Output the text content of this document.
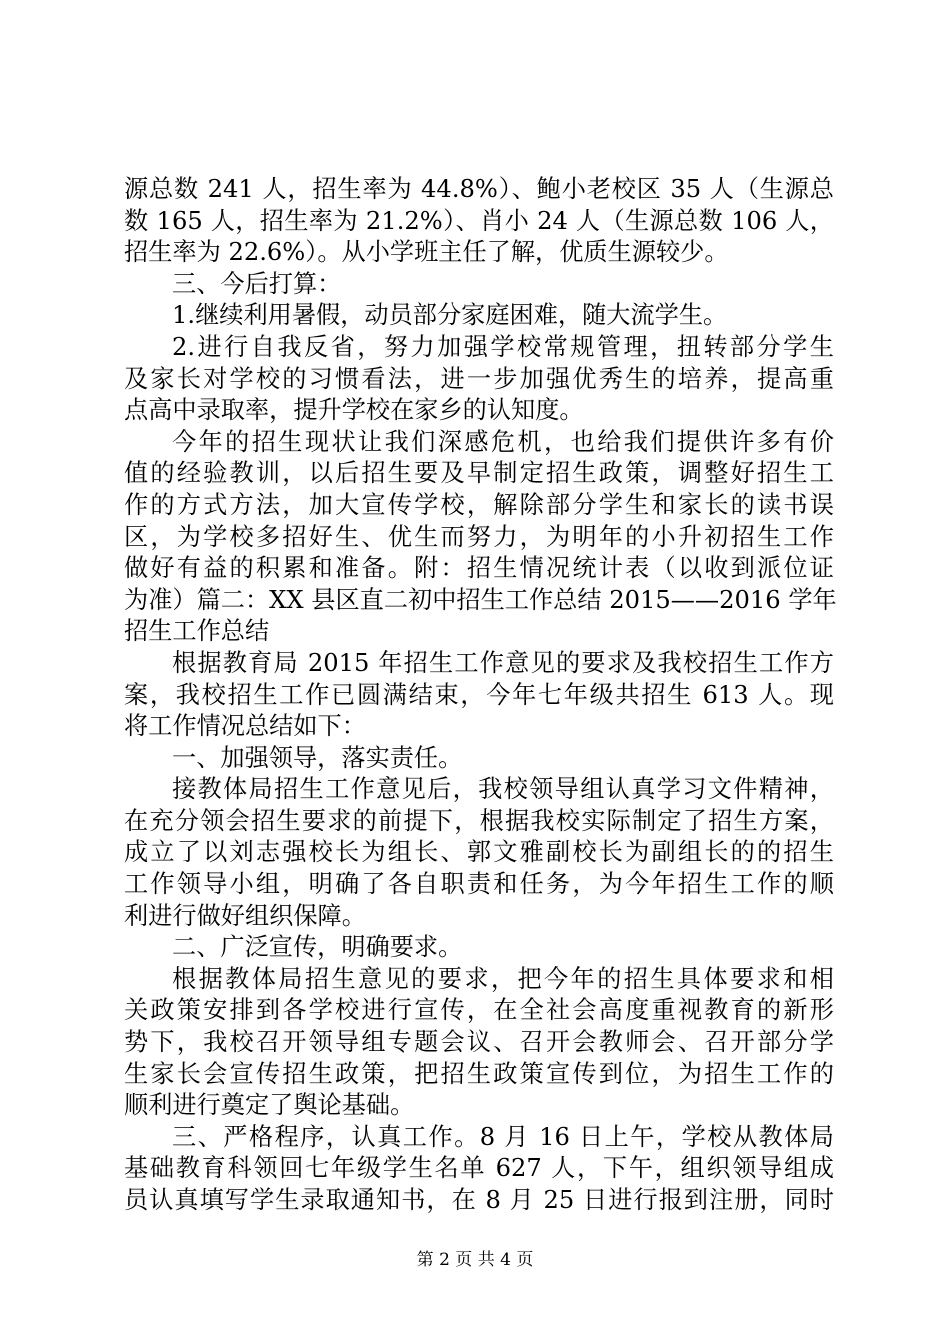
源总数 241 人，招生率为 44.8%）、鲍小老校区 35 人（生源总
数 165 人，招生率为 21.2%）、肖小 24 人（生源总数 106 人，
招生率为 22.6%）。从小学班主任了解，优质生源较少。
三、今后打算：
1.继续利用暑假，动员部分家庭困难，随大流学生。
2.进行自我反省，努力加强学校常规管理，扭转部分学生
及家长对学校的习惯看法，进一步加强优秀生的培养，提高重
点高中录取率，提升学校在家乡的认知度。
今年的招生现状让我们深感危机，也给我们提供许多有价
值的经验教训，以后招生要及早制定招生政策，调整好招生工
作的方式方法，加大宣传学校，解除部分学生和家长的读书误
区，为学校多招好生、优生而努力，为明年的小升初招生工作
做好有益的积累和准备。附：招生情况统计表（以收到派位证
为准）篇二：XX 县区直二初中招生工作总结 2015——2016 学年
招生工作总结
根据教育局 2015 年招生工作意见的要求及我校招生工作方
案，我校招生工作已圆满结束，今年七年级共招生 613 人。现
将工作情况总结如下：
一、加强领导，落实责任。
接教体局招生工作意见后，我校领导组认真学习文件精神，
在充分领会招生要求的前提下，根据我校实际制定了招生方案，
成立了以刘志强校长为组长、郭文雅副校长为副组长的的招生
工作领导小组，明确了各自职责和任务，为今年招生工作的顺
利进行做好组织保障。
二、广泛宣传，明确要求。
根据教体局招生意见的要求，把今年的招生具体要求和相
关政策安排到各学校进行宣传，在全社会高度重视教育的新形
势下，我校召开领导组专题会议、召开会教师会、召开部分学
生家长会宣传招生政策，把招生政策宣传到位，为招生工作的
顺利进行奠定了舆论基础。
三、严格程序，认真工作。8 月 16 日上午，学校从教体局
基础教育科领回七年级学生名单 627 人，下午，组织领导组成
员认真填写学生录取通知书，在 8 月 25 日进行报到注册，同时
第 2 页 共 4 页
